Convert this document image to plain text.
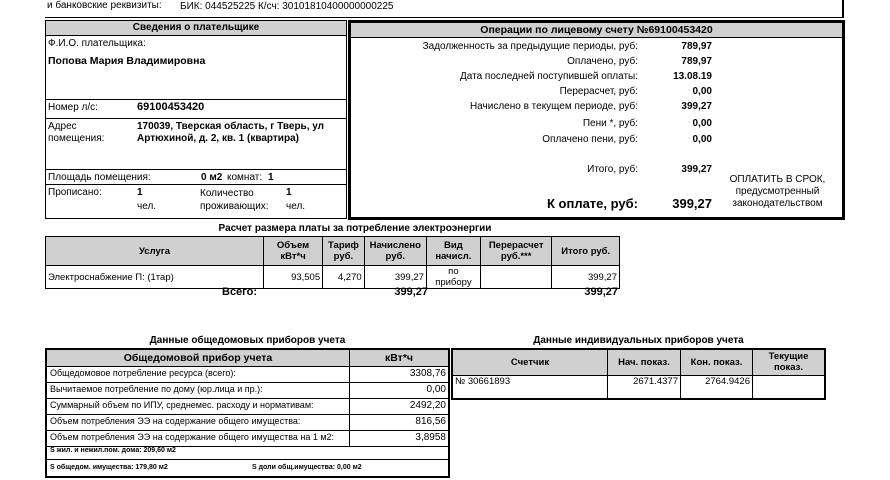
и банковские реквизиты: БИК: 044525225 К/сч: 30101810400000000225
Сведения о плательщике
Ф.И.О. плательщика:
Попова Мария Владимировна
Номер л/с:	69100453420
Адрес помещения:
170039, Тверская область, г Тверь, ул Артюхиной, д. 2, кв. 1 (квартира)
Площадь помещения:	0 м2 комнат: 1
Прописано:	1
чел.
Количество проживающих:
1
чел.
Операции по лицевому счету №69100453420
Задолженность за предыдущие периоды, руб:	789,97
Оплачено, руб:	789,97
Дата последней поступившей оплаты:	13.08.19
Перерасчет, руб:	0,00
Начислено в текущем периоде, руб:	399,27
Пени *, руб:	0,00
Оплачено пени, руб:	0,00
Итого, руб:	399,27
К оплате, руб:	399,27
ОПЛАТИТЬ В СРОК, предусмотренный законодательством
Расчет размера платы за потребление электроэнергии
Услуга	Объем кВт*ч	Тариф руб.	Начислено руб.	Вид начисл.	Перерасчет руб.***	Итого руб.
Электроснабжение П: (1тар)	93,505	4,270	399,27	по прибору		399,27
Всего:	399,27	399,27
Данные общедомовых приборов учета
Общедомовой прибор учета	кВт*ч
Общедомовое потребление ресурса (всего):	3308,76
Вычитаемое потребление по дому (юр.лица и пр.):	0,00
Суммарный объем по ИПУ, среднемес. расходу и нормативам:	2492,20
Объем потребления ЭЭ на содержание общего имущества:	816,56
Объем потребления ЭЭ на содержание общего имущества на 1 м2:	3,8958
S жил. и нежил.пом. дома: 209,60 м2
S общедом. имущества: 179,80 м2	S доли общ.имущества: 0,00 м2
Данные индивидуальных приборов учета
Счетчик	Нач. показ.	Кон. показ.	Текущие показ.
№ 30661893	2671.4377	2764.9426	
